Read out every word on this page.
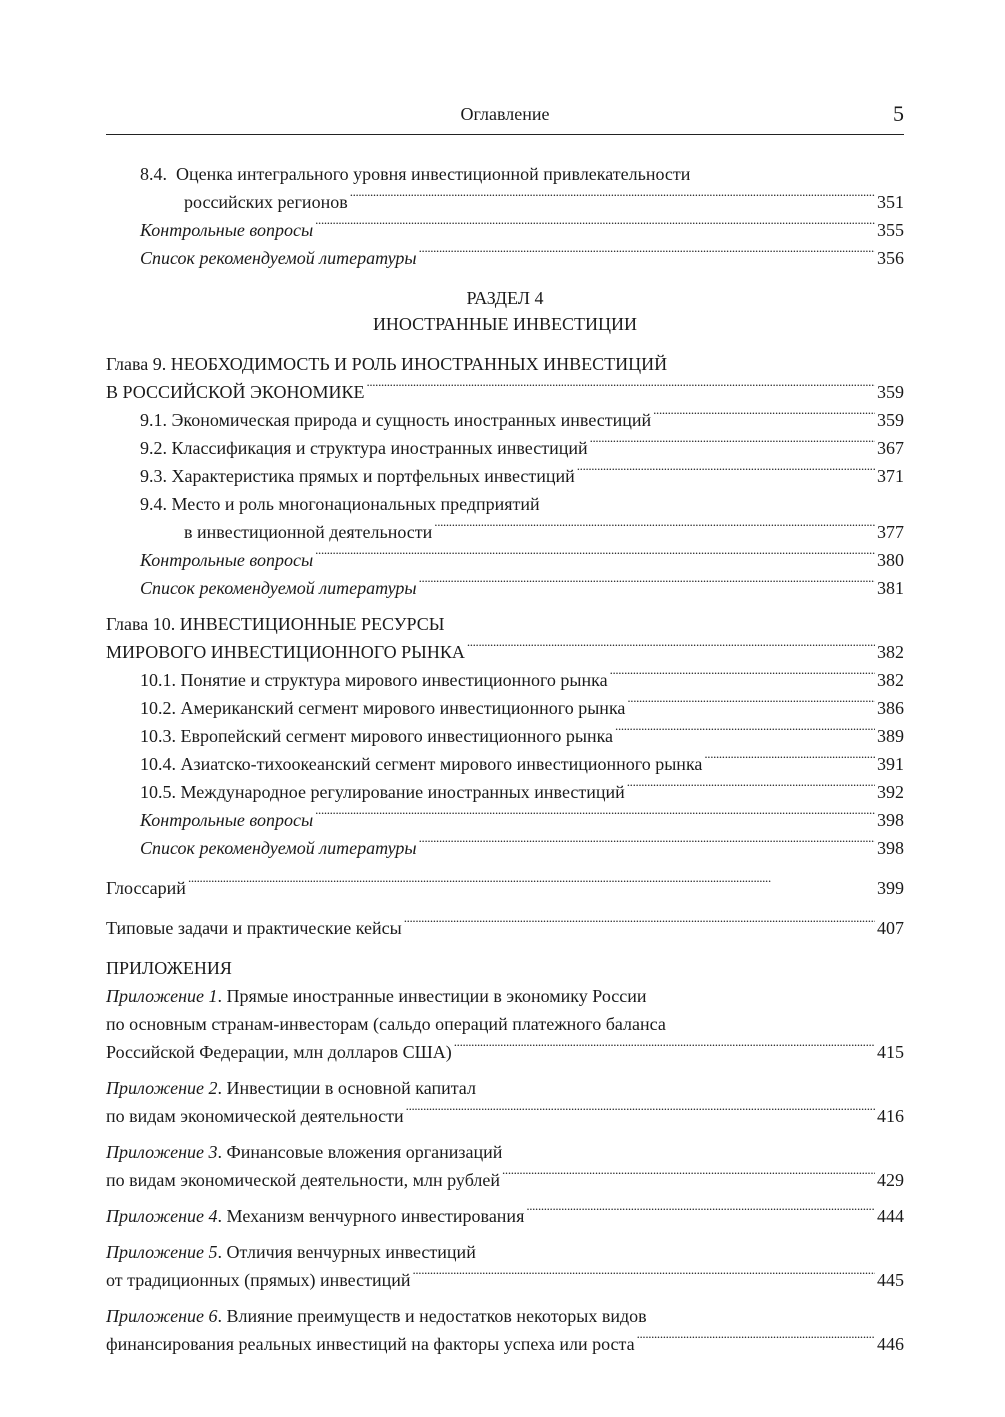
Оглавление	5
8.4. Оценка интегрального уровня инвестиционной привлекательности
российских регионов . . .	351
Контрольные вопросы . . .	355
Список рекомендуемой литературы . . .	356
РАЗДЕЛ 4
ИНОСТРАННЫЕ ИНВЕСТИЦИИ
Глава 9. НЕОБХОДИМОСТЬ И РОЛЬ ИНОСТРАННЫХ ИНВЕСТИЦИЙ
В РОССИЙСКОЙ ЭКОНОМИКЕ . . .	359
9.1. Экономическая природа и сущность иностранных инвестиций . . .	359
9.2. Классификация и структура иностранных инвестиций . . .	367
9.3. Характеристика прямых и портфельных инвестиций . . .	371
9.4. Место и роль многонациональных предприятий
в инвестиционной деятельности . . .	377
Контрольные вопросы . . .	380
Список рекомендуемой литературы . . .	381
Глава 10. ИНВЕСТИЦИОННЫЕ РЕСУРСЫ
МИРОВОГО ИНВЕСТИЦИОННОГО РЫНКА . . .	382
10.1. Понятие и структура мирового инвестиционного рынка . . .	382
10.2. Американский сегмент мирового инвестиционного рынка . . .	386
10.3. Европейский сегмент мирового инвестиционного рынка . . .	389
10.4. Азиатско-тихоокеанский сегмент мирового инвестиционного рынка . . .	391
10.5. Международное регулирование иностранных инвестиций . . .	392
Контрольные вопросы . . .	398
Список рекомендуемой литературы . . .	398
Глоссарий . . .	399
Типовые задачи и практические кейсы . . .	407
ПРИЛОЖЕНИЯ
Приложение 1. Прямые иностранные инвестиции в экономику России
по основным странам-инвесторам (сальдо операций платежного баланса
Российской Федерации, млн долларов США) . . .	415
Приложение 2. Инвестиции в основной капитал
по видам экономической деятельности . . .	416
Приложение 3. Финансовые вложения организаций
по видам экономической деятельности, млн рублей . . .	429
Приложение 4. Механизм венчурного инвестирования . . .	444
Приложение 5. Отличия венчурных инвестиций
от традиционных (прямых) инвестиций . . .	445
Приложение 6. Влияние преимуществ и недостатков некоторых видов
финансирования реальных инвестиций на факторы успеха или роста . . .	446
